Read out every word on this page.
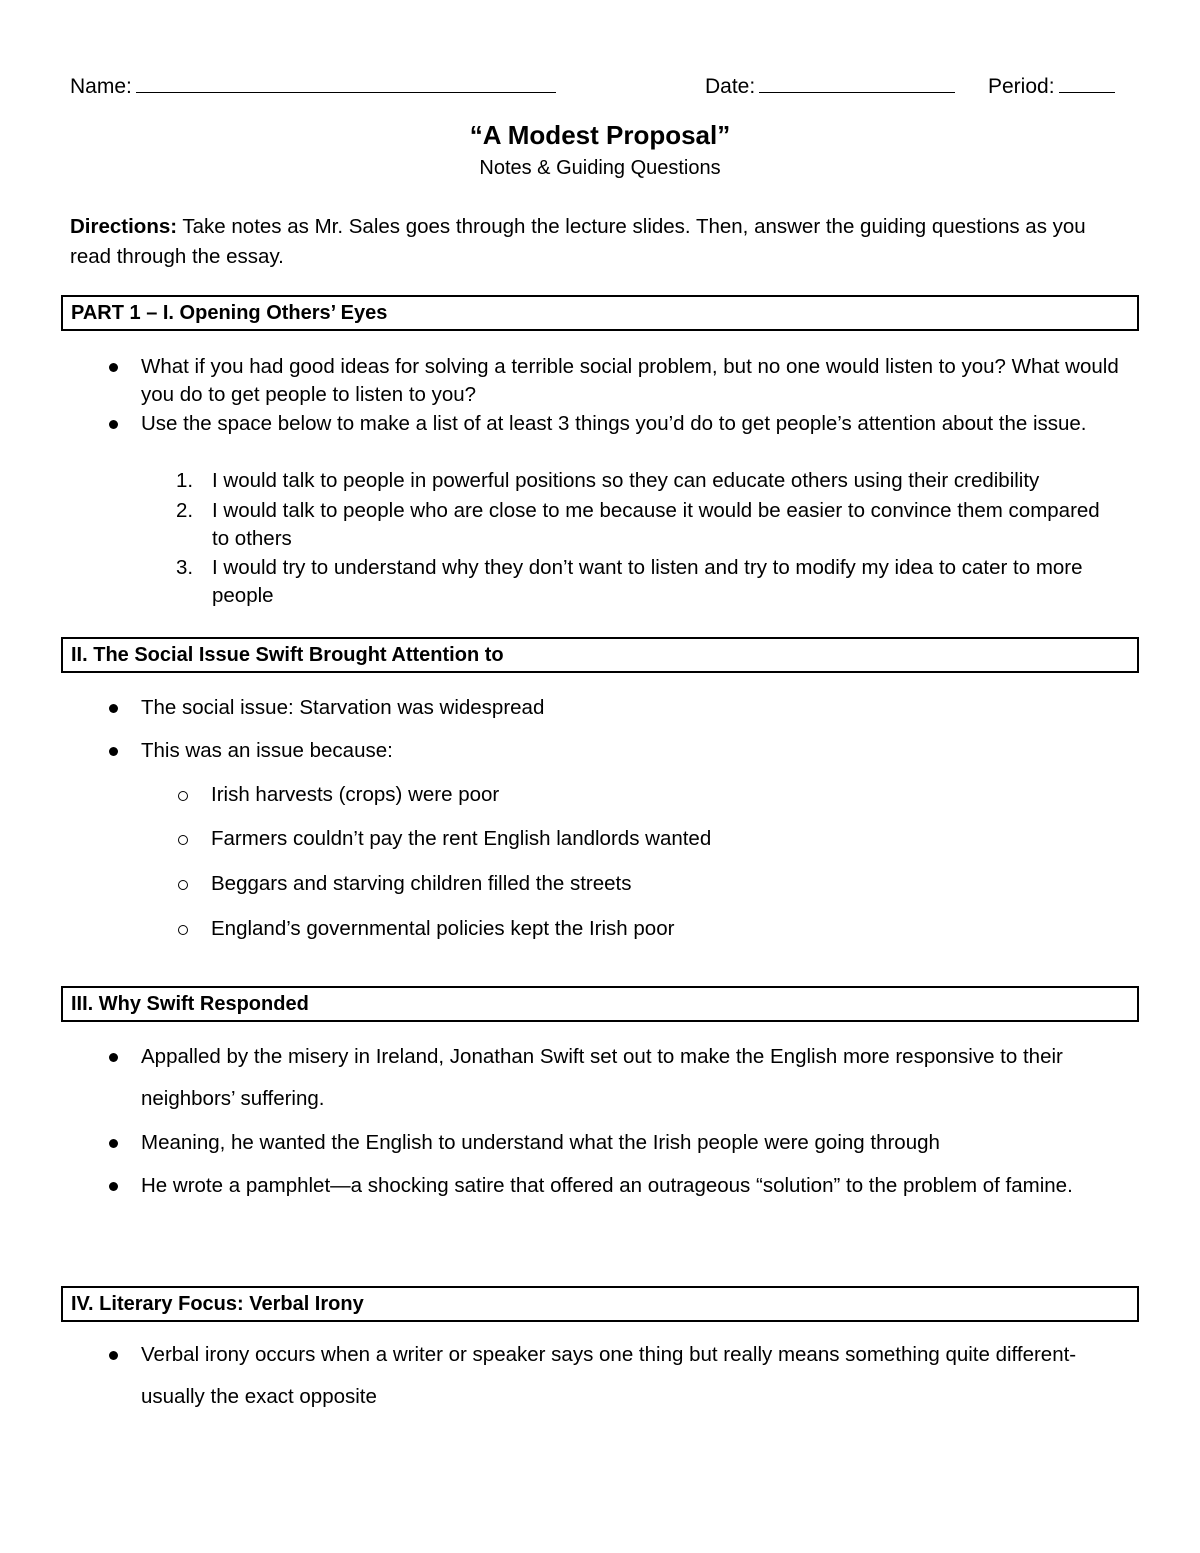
Name:	Date:	Period:
“A Modest Proposal”
Notes & Guiding Questions
Directions: Take notes as Mr. Sales goes through the lecture slides. Then, answer the guiding questions as you read through the essay.
PART 1 – I. Opening Others’ Eyes
What if you had good ideas for solving a terrible social problem, but no one would listen to you? What would you do to get people to listen to you?
Use the space below to make a list of at least 3 things you’d do to get people’s attention about the issue.
1. I would talk to people in powerful positions so they can educate others using their credibility
2. I would talk to people who are close to me because it would be easier to convince them compared to others
3. I would try to understand why they don’t want to listen and try to modify my idea to cater to more people
II. The Social Issue Swift Brought Attention to
The social issue: Starvation was widespread
This was an issue because:
Irish harvests (crops) were poor
Farmers couldn’t pay the rent English landlords wanted
Beggars and starving children filled the streets
England’s governmental policies kept the Irish poor
III. Why Swift Responded
Appalled by the misery in Ireland, Jonathan Swift set out to make the English more responsive to their neighbors’ suffering.
Meaning, he wanted the English to understand what the Irish people were going through
He wrote a pamphlet—a shocking satire that offered an outrageous “solution” to the problem of famine.
IV. Literary Focus: Verbal Irony
Verbal irony occurs when a writer or speaker says one thing but really means something quite different-usually the exact opposite
